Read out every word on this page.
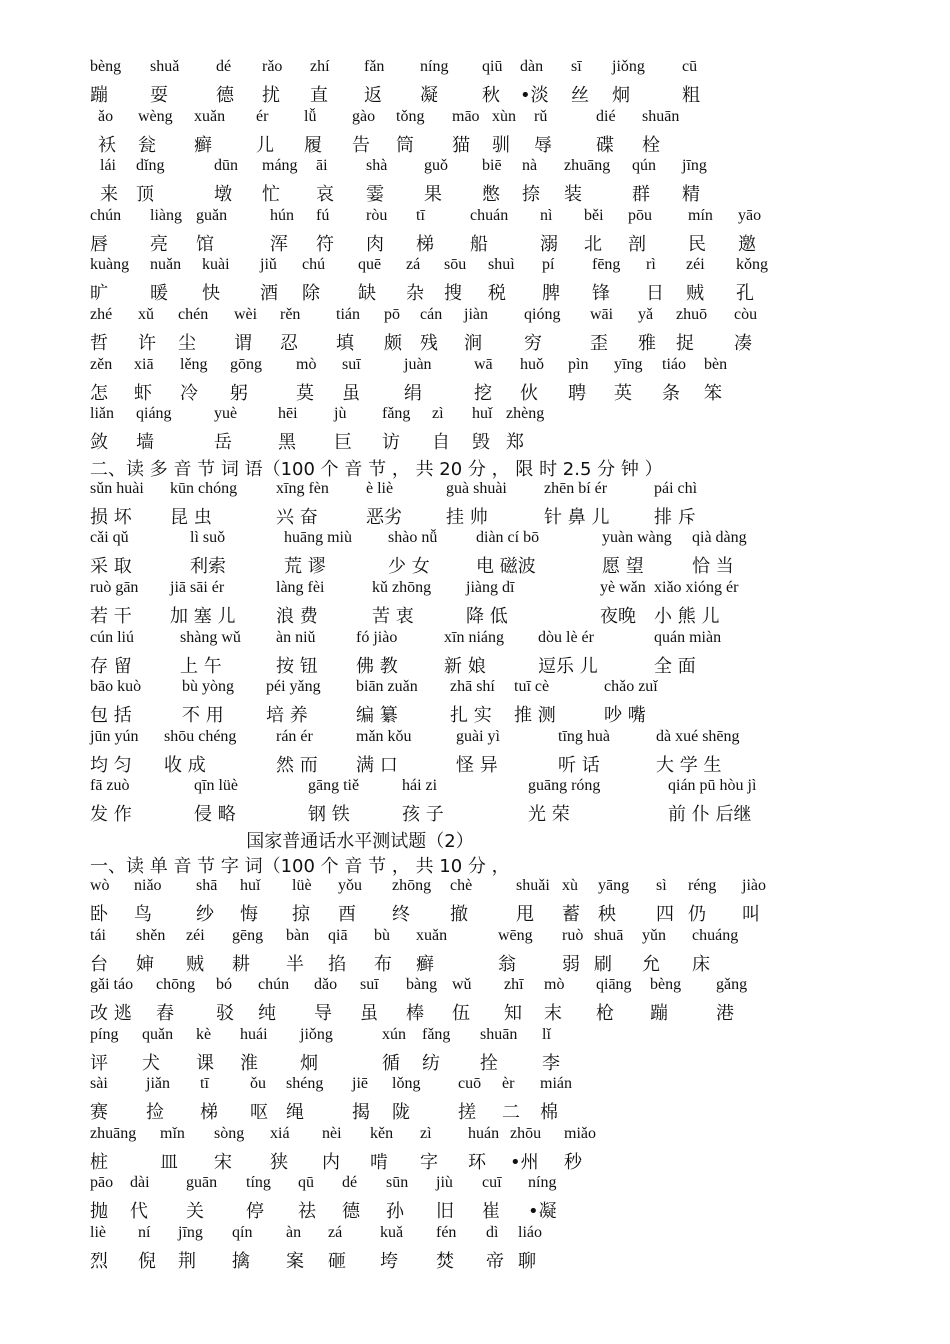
bèng shuǎ dé rǎo zhí fǎn níng qiū dàn sī jiǒng cū
蹦 耍	德 扰 直 返 凝 秋 •淡 丝 炯	粗
ǎo wèng xuǎn ér lǚ gào tǒng māo xùn rǔ	dié shuān
袄 瓮 癣 儿 履 告 筒 猫 驯 辱 碟 栓
lái dǐng	dūn máng āi shà guǒ biē nà zhuāng qún jīng
来 顶	墩 忙 哀 霎 果 憋 捺 装	群 精
chún liàng guǎn	hún fú ròu tī	chuán nì běi pōu mín yāo
唇 亮 馆	浑 符 肉 梯 船	溺 北 剖 民 邀
kuàng nuǎn kuài jiǔ chú quē zá sōu shuì pí fēng rì zéi kǒng
旷 暖 快 酒 除 缺 杂 搜 税 脾 锋 日 贼 孔
zhé xǔ chén wèi rěn tián pō cán jiàn qióng wāi yǎ zhuō còu
哲 许 尘 谓 忍 填 颇 残 涧 穷	歪 雅 捉 凑
zěn xiā lěng gōng mò suī	juàn	wā huǒ pìn yīng tiáo bèn
怎 虾 冷 躬	莫 虽 绢	挖 伙 聘 英 条 笨
liǎn qiáng	yuè	hēi jù fǎng zì huǐ zhèng
敛 墙	岳	黑 巨 访 自 毁 郑
二、读 多 音 节 词 语（100 个 音 节 ， 共 20 分 ， 限 时 2.5 分 钟 ）
sǔn huài kūn chóng xīng fèn è liè	guà shuài zhēn bí ér	pái chì
损 坏 昆 虫	兴 奋	恶劣 挂 帅	针 鼻 儿 排 斥
cǎi qǔ	lì suǒ	huāng miù shào nǚ diàn cí bō	yuàn wàng qià dàng
采 取	利索	荒 谬	少 女	电 磁波	愿 望	恰 当
ruò gān jiā sāi ér	làng fèi	kǔ zhōng jiàng dī	yè wǎn xiǎo xióng ér
若 干 加 塞 儿 浪 费	苦 衷	降 低	夜晚 小 熊 儿
cún liú	shàng wǔ àn niǔ	fó jiào	xīn niáng dòu lè ér	quán miàn
存 留	上 午	按 钮 佛 教	新 娘	逗乐 儿	全 面
bāo kuò	bù yòng péi yǎng biān zuǎn zhā shí tuī cè	chǎo zuǐ
包 括	不 用 培 养	编 纂	扎 实 推 测	吵 嘴
jūn yún shōu chéng rán ér	mǎn kǒu	guài yì	tīng huà	dà xué shēng
均 匀 收 成	然 而 满 口	怪 异	听 话	大 学 生
fā zuò	qīn lüè	gāng tiě	hái zi	guāng róng	qián pū hòu jì
发 作	侵 略	钢 铁	孩 子	光 荣	前 仆 后继
国家普通话水平测试题（2）
一、读 单 音 节 字 词（100 个 音 节 ， 共 10 分 ，
wò niǎo shā huǐ lüè yǒu zhōng chè	shuǎi xù yāng sì réng jiào
卧 鸟 纱 悔 掠 酉 终 撤	甩 蓄 秧 四 仍 叫
tái shěn zéi gēng bàn qiā bù xuǎn	wēng ruò shuā yǔn chuáng
台 婶 贼 耕 半 掐 布 癣	翁	弱 刷 允 床
gǎi táo chōng bó chún dǎo suī bàng wǔ zhī mò qiāng bèng gǎng
改 逃 舂 驳 纯 导 虽 棒 伍 知 末 枪 蹦	港
píng quǎn kè huái jiǒng	xún fǎng shuān lǐ
评 犬 课 淮 炯	循 纺 拴 李
sài jiǎn tī	ǒu shéng jiē lǒng cuō èr mián
赛 捡 梯 呕 绳	揭 陇	搓 二 棉
zhuāng mǐn sòng xiá nèi kěn zì huán zhōu miǎo
桩	皿 宋 狭 内 啃 字 环 •州 秒
pāo dài guān tíng qū dé sūn jiù cuī níng
抛 代 关 停 祛 德 孙 旧 崔 •凝
liè ní jīng qín àn zá kuǎ fén dì liáo
烈 倪 荆 擒 案 砸 垮 焚 帝 聊
